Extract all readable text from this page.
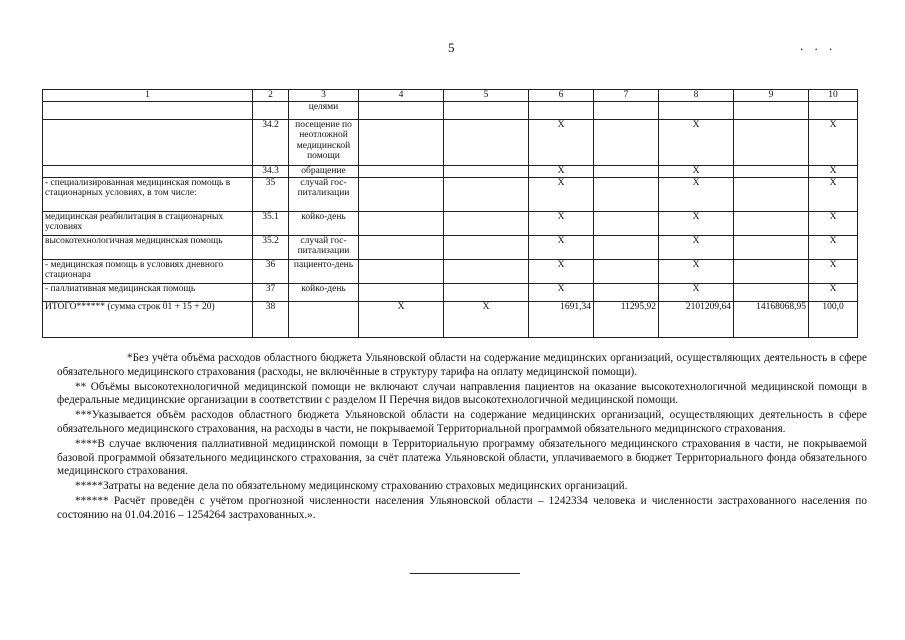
5	. . .
1	2	3	4	5	6	7	8	9	10
		целями							
	34.2	посещение по неотложной медицинской помощи			X		X		X
	34.3	обращение			X		X		X
- специализированная медицинская помощь в стационарных условиях, в том числе:	35	случай гос-питализации			X		X		X
медицинская реабилитация в стационарных условиях	35.1	койко-день			X		X		X
высокотехнологичная медицинская помощь	35.2	случай гос-питализации			X		X		X
- медицинская помощь в условиях дневного стационара	36	пациенто-день			X		X		X
- паллиативная медицинская помощь	37	койко-день			X		X		X
ИТОГО****** (сумма строк 01 + 15 + 20)	38		X	X	1691,34	11295,92	2101209,64	14168068,95	100,0

*Без учёта объёма расходов областного бюджета Ульяновской области на содержание медицинских организаций, осуществляющих деятельность в сфере обязательного медицинского страхования (расходы, не включённые в структуру тарифа на оплату медицинской помощи).

** Объёмы высокотехнологичной медицинской помощи не включают случаи направления пациентов на оказание высокотехнологичной медицинской помощи в федеральные медицинские организации в соответствии с разделом II Перечня видов высокотехнологичной медицинской помощи.

***Указывается объём расходов областного бюджета Ульяновской области на содержание медицинских организаций, осуществляющих деятельность в сфере обязательного медицинского страхования, на расходы в части, не покрываемой Территориальной программой обязательного медицинского страхования.

****В случае включения паллиативной медицинской помощи в Территориальную программу обязательного медицинского страхования в части, не покрываемой базовой программой обязательного медицинского страхования, за счёт платежа Ульяновской области, уплачиваемого в бюджет Территориального фонда обязательного медицинского страхования.

*****Затраты на ведение дела по обязательному медицинскому страхованию страховых медицинских организаций.

****** Расчёт проведён с учётом прогнозной численности населения Ульяновской области – 1242334 человека и численности застрахованного населения по состоянию на 01.04.2016 – 1254264 застрахованных.».
